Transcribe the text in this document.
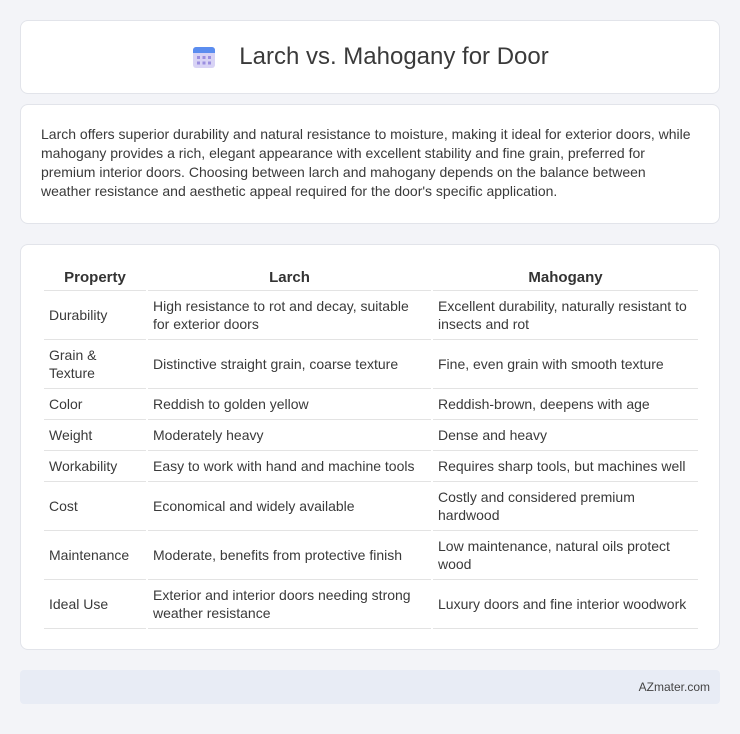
Larch vs. Mahogany for Door

Larch offers superior durability and natural resistance to moisture, making it ideal for exterior doors, while mahogany provides a rich, elegant appearance with excellent stability and fine grain, preferred for premium interior doors. Choosing between larch and mahogany depends on the balance between weather resistance and aesthetic appeal required for the door's specific application.

Property	Larch	Mahogany
Durability	High resistance to rot and decay, suitable for exterior doors	Excellent durability, naturally resistant to insects and rot
Grain & Texture	Distinctive straight grain, coarse texture	Fine, even grain with smooth texture
Color	Reddish to golden yellow	Reddish-brown, deepens with age
Weight	Moderately heavy	Dense and heavy
Workability	Easy to work with hand and machine tools	Requires sharp tools, but machines well
Cost	Economical and widely available	Costly and considered premium hardwood
Maintenance	Moderate, benefits from protective finish	Low maintenance, natural oils protect wood
Ideal Use	Exterior and interior doors needing strong weather resistance	Luxury doors and fine interior woodwork
AZmater.com
